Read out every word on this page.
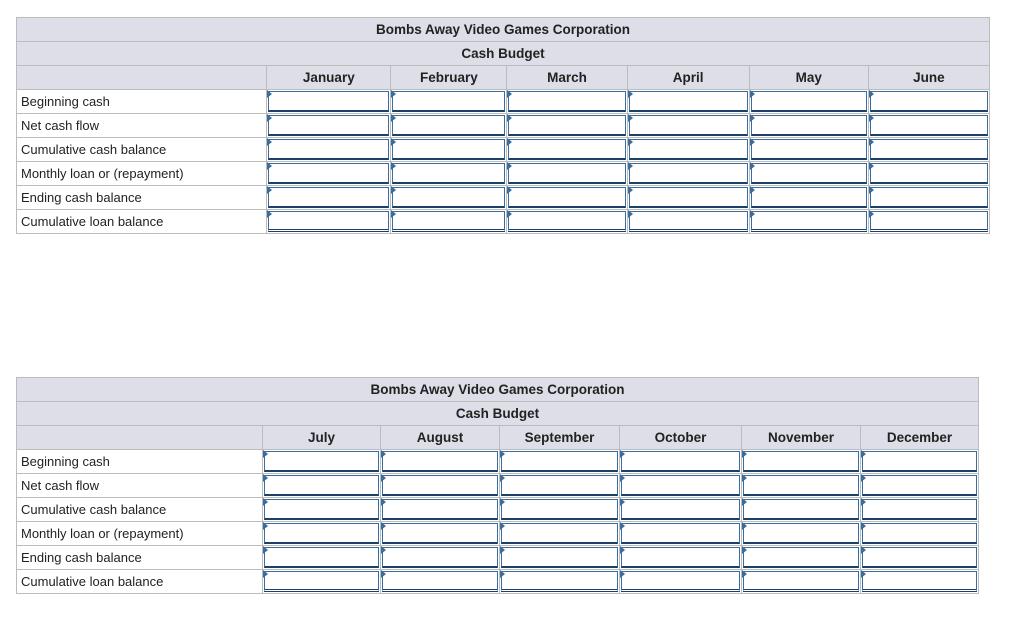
Bombs Away Video Games Corporation						
Cash Budget						
	January	February	March	April	May	June
Beginning cash	

Net cash flow	

Cumulative cash balance	

Monthly loan or (repayment)	

Ending cash balance	

Cumulative loan balance	

Bombs Away Video Games Corporation						
Cash Budget						
	July	August	September	October	November	December
Beginning cash	

Net cash flow	

Cumulative cash balance	

Monthly loan or (repayment)	

Ending cash balance	

Cumulative loan balance	
